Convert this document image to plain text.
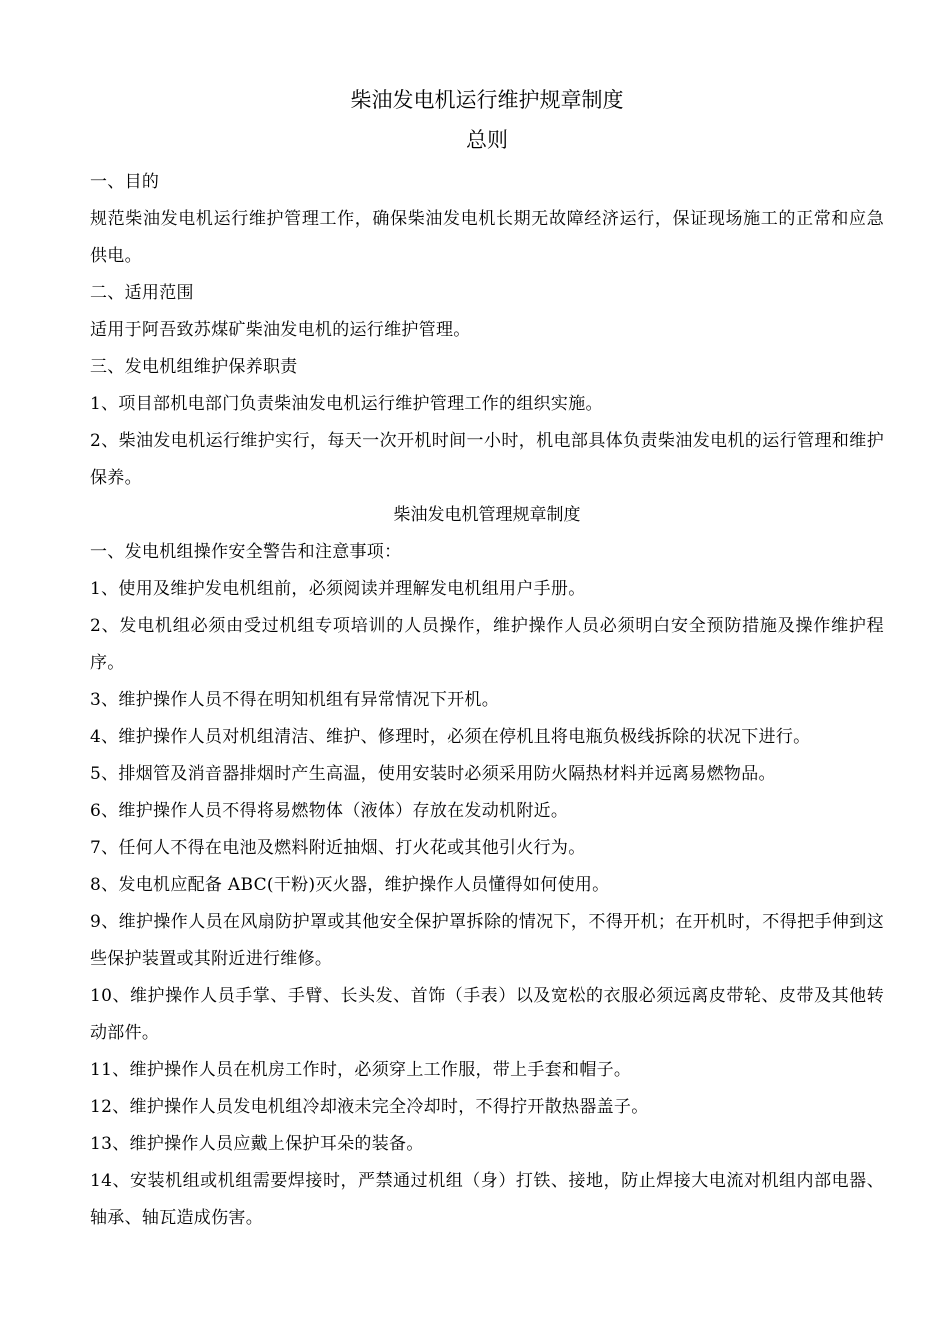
柴油发电机运行维护规章制度

总则

一、目的

规范柴油发电机运行维护管理工作，确保柴油发电机长期无故障经济运行，保证现场施工的正常和应急供电。

二、适用范围

适用于阿吾致苏煤矿柴油发电机的运行维护管理。

三、发电机组维护保养职责

1、项目部机电部门负责柴油发电机运行维护管理工作的组织实施。

2、柴油发电机运行维护实行，每天一次开机时间一小时，机电部具体负责柴油发电机的运行管理和维护保养。

柴油发电机管理规章制度

一、发电机组操作安全警告和注意事项：

1、使用及维护发电机组前，必须阅读并理解发电机组用户手册。

2、发电机组必须由受过机组专项培训的人员操作，维护操作人员必须明白安全预防措施及操作维护程序。

3、维护操作人员不得在明知机组有异常情况下开机。

4、维护操作人员对机组清洁、维护、修理时，必须在停机且将电瓶负极线拆除的状况下进行。

5、排烟管及消音器排烟时产生高温，使用安装时必须采用防火隔热材料并远离易燃物品。

6、维护操作人员不得将易燃物体（液体）存放在发动机附近。

7、任何人不得在电池及燃料附近抽烟、打火花或其他引火行为。

8、发电机应配备 ABC(干粉)灭火器，维护操作人员懂得如何使用。

9、维护操作人员在风扇防护罩或其他安全保护罩拆除的情况下，不得开机；在开机时，不得把手伸到这些保护装置或其附近进行维修。

10、维护操作人员手掌、手臂、长头发、首饰（手表）以及宽松的衣服必须远离皮带轮、皮带及其他转动部件。

11、维护操作人员在机房工作时，必须穿上工作服，带上手套和帽子。

12、维护操作人员发电机组冷却液未完全冷却时，不得拧开散热器盖子。

13、维护操作人员应戴上保护耳朵的装备。

14、安装机组或机组需要焊接时，严禁通过机组（身）打铁、接地，防止焊接大电流对机组内部电器、轴承、轴瓦造成伤害。
